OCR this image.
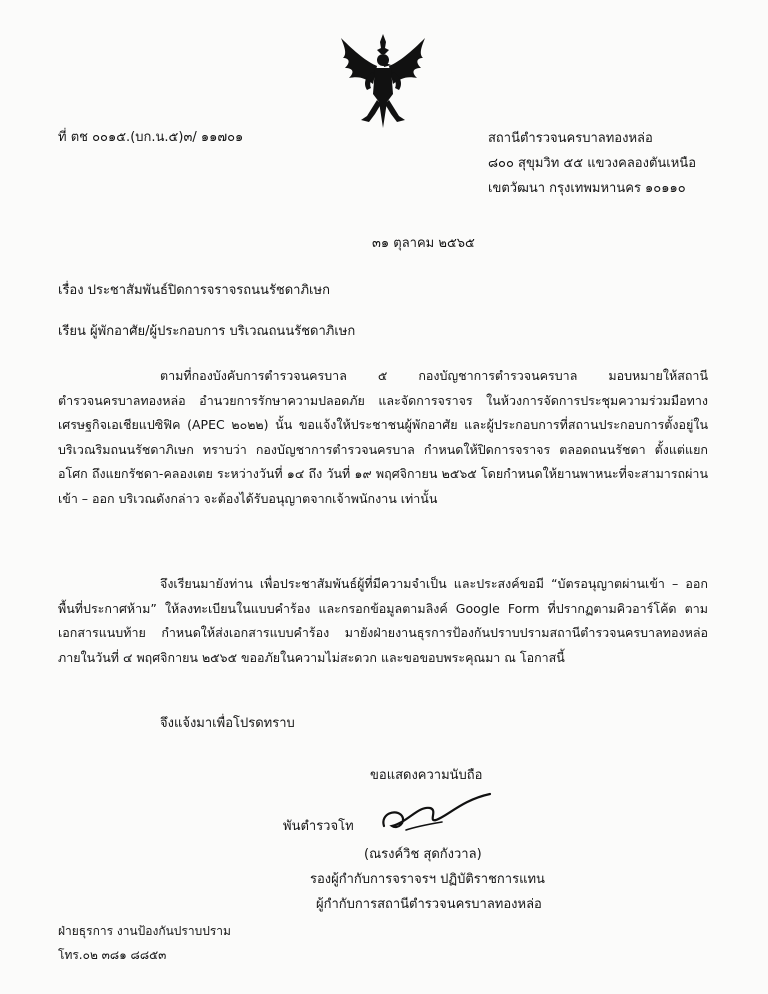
ที่ ตช ๐๐๑๕.(บก.น.๕)๓/ ๑๑๗๐๑	สถานีตำรวจนครบาลทองหล่อ
๘๐๐ สุขุมวิท ๕๕ แขวงคลองตันเหนือ
เขตวัฒนา กรุงเทพมหานคร ๑๐๑๑๐
๓๑ ตุลาคม ๒๕๖๕
เรื่อง ประชาสัมพันธ์ปิดการจราจรถนนรัชดาภิเษก
เรียน ผู้พักอาศัย/ผู้ประกอบการ บริเวณถนนรัชดาภิเษก
ตามที่กองบังคับการตำรวจนครบาล ๕ กองบัญชาการตำรวจนครบาล มอบหมายให้สถานีตำรวจนครบาลทองหล่อ อำนวยการรักษาความปลอดภัย และจัดการจราจร ในห้วงการจัดการประชุมความร่วมมือทางเศรษฐกิจเอเชียแปซิฟิค (APEC ๒๐๒๒) นั้น ขอแจ้งให้ประชาชนผู้พักอาศัย และผู้ประกอบการที่สถานประกอบการตั้งอยู่ในบริเวณริมถนนรัชดาภิเษก ทราบว่า กองบัญชาการตำรวจนครบาล กำหนดให้ปิดการจราจร ตลอดถนนรัชดา ตั้งแต่แยกอโศก ถึงแยกรัชดา-คลองเตย ระหว่างวันที่ ๑๔ ถึง วันที่ ๑๙ พฤศจิกายน ๒๕๖๕ โดยกำหนดให้ยานพาหนะที่จะสามารถผ่านเข้า – ออก บริเวณดังกล่าว จะต้องได้รับอนุญาตจากเจ้าพนักงาน เท่านั้น
จึงเรียนมายังท่าน เพื่อประชาสัมพันธ์ผู้ที่มีความจำเป็น และประสงค์ขอมี “บัตรอนุญาตผ่านเข้า – ออก พื้นที่ประกาศห้าม” ให้ลงทะเบียนในแบบคำร้อง และกรอกข้อมูลตามลิงค์ Google Form ที่ปรากฏตามคิวอาร์โค้ด ตามเอกสารแนบท้าย กำหนดให้ส่งเอกสารแบบคำร้อง มายังฝ่ายงานธุรการป้องกันปราบปรามสถานีตำรวจนครบาลทองหล่อ ภายในวันที่ ๔ พฤศจิกายน ๒๕๖๕ ขออภัยในความไม่สะดวก และขอขอบพระคุณมา ณ โอกาสนี้
จึงแจ้งมาเพื่อโปรดทราบ
ขอแสดงความนับถือ
พันตำรวจโท
(ณรงค์วิช สุดกังวาล)
รองผู้กำกับการจราจรฯ ปฏิบัติราชการแทน
ผู้กำกับการสถานีตำรวจนครบาลทองหล่อ
ฝ่ายธุรการ งานป้องกันปราบปราม
โทร.๐๒ ๓๘๑ ๘๘๕๓
